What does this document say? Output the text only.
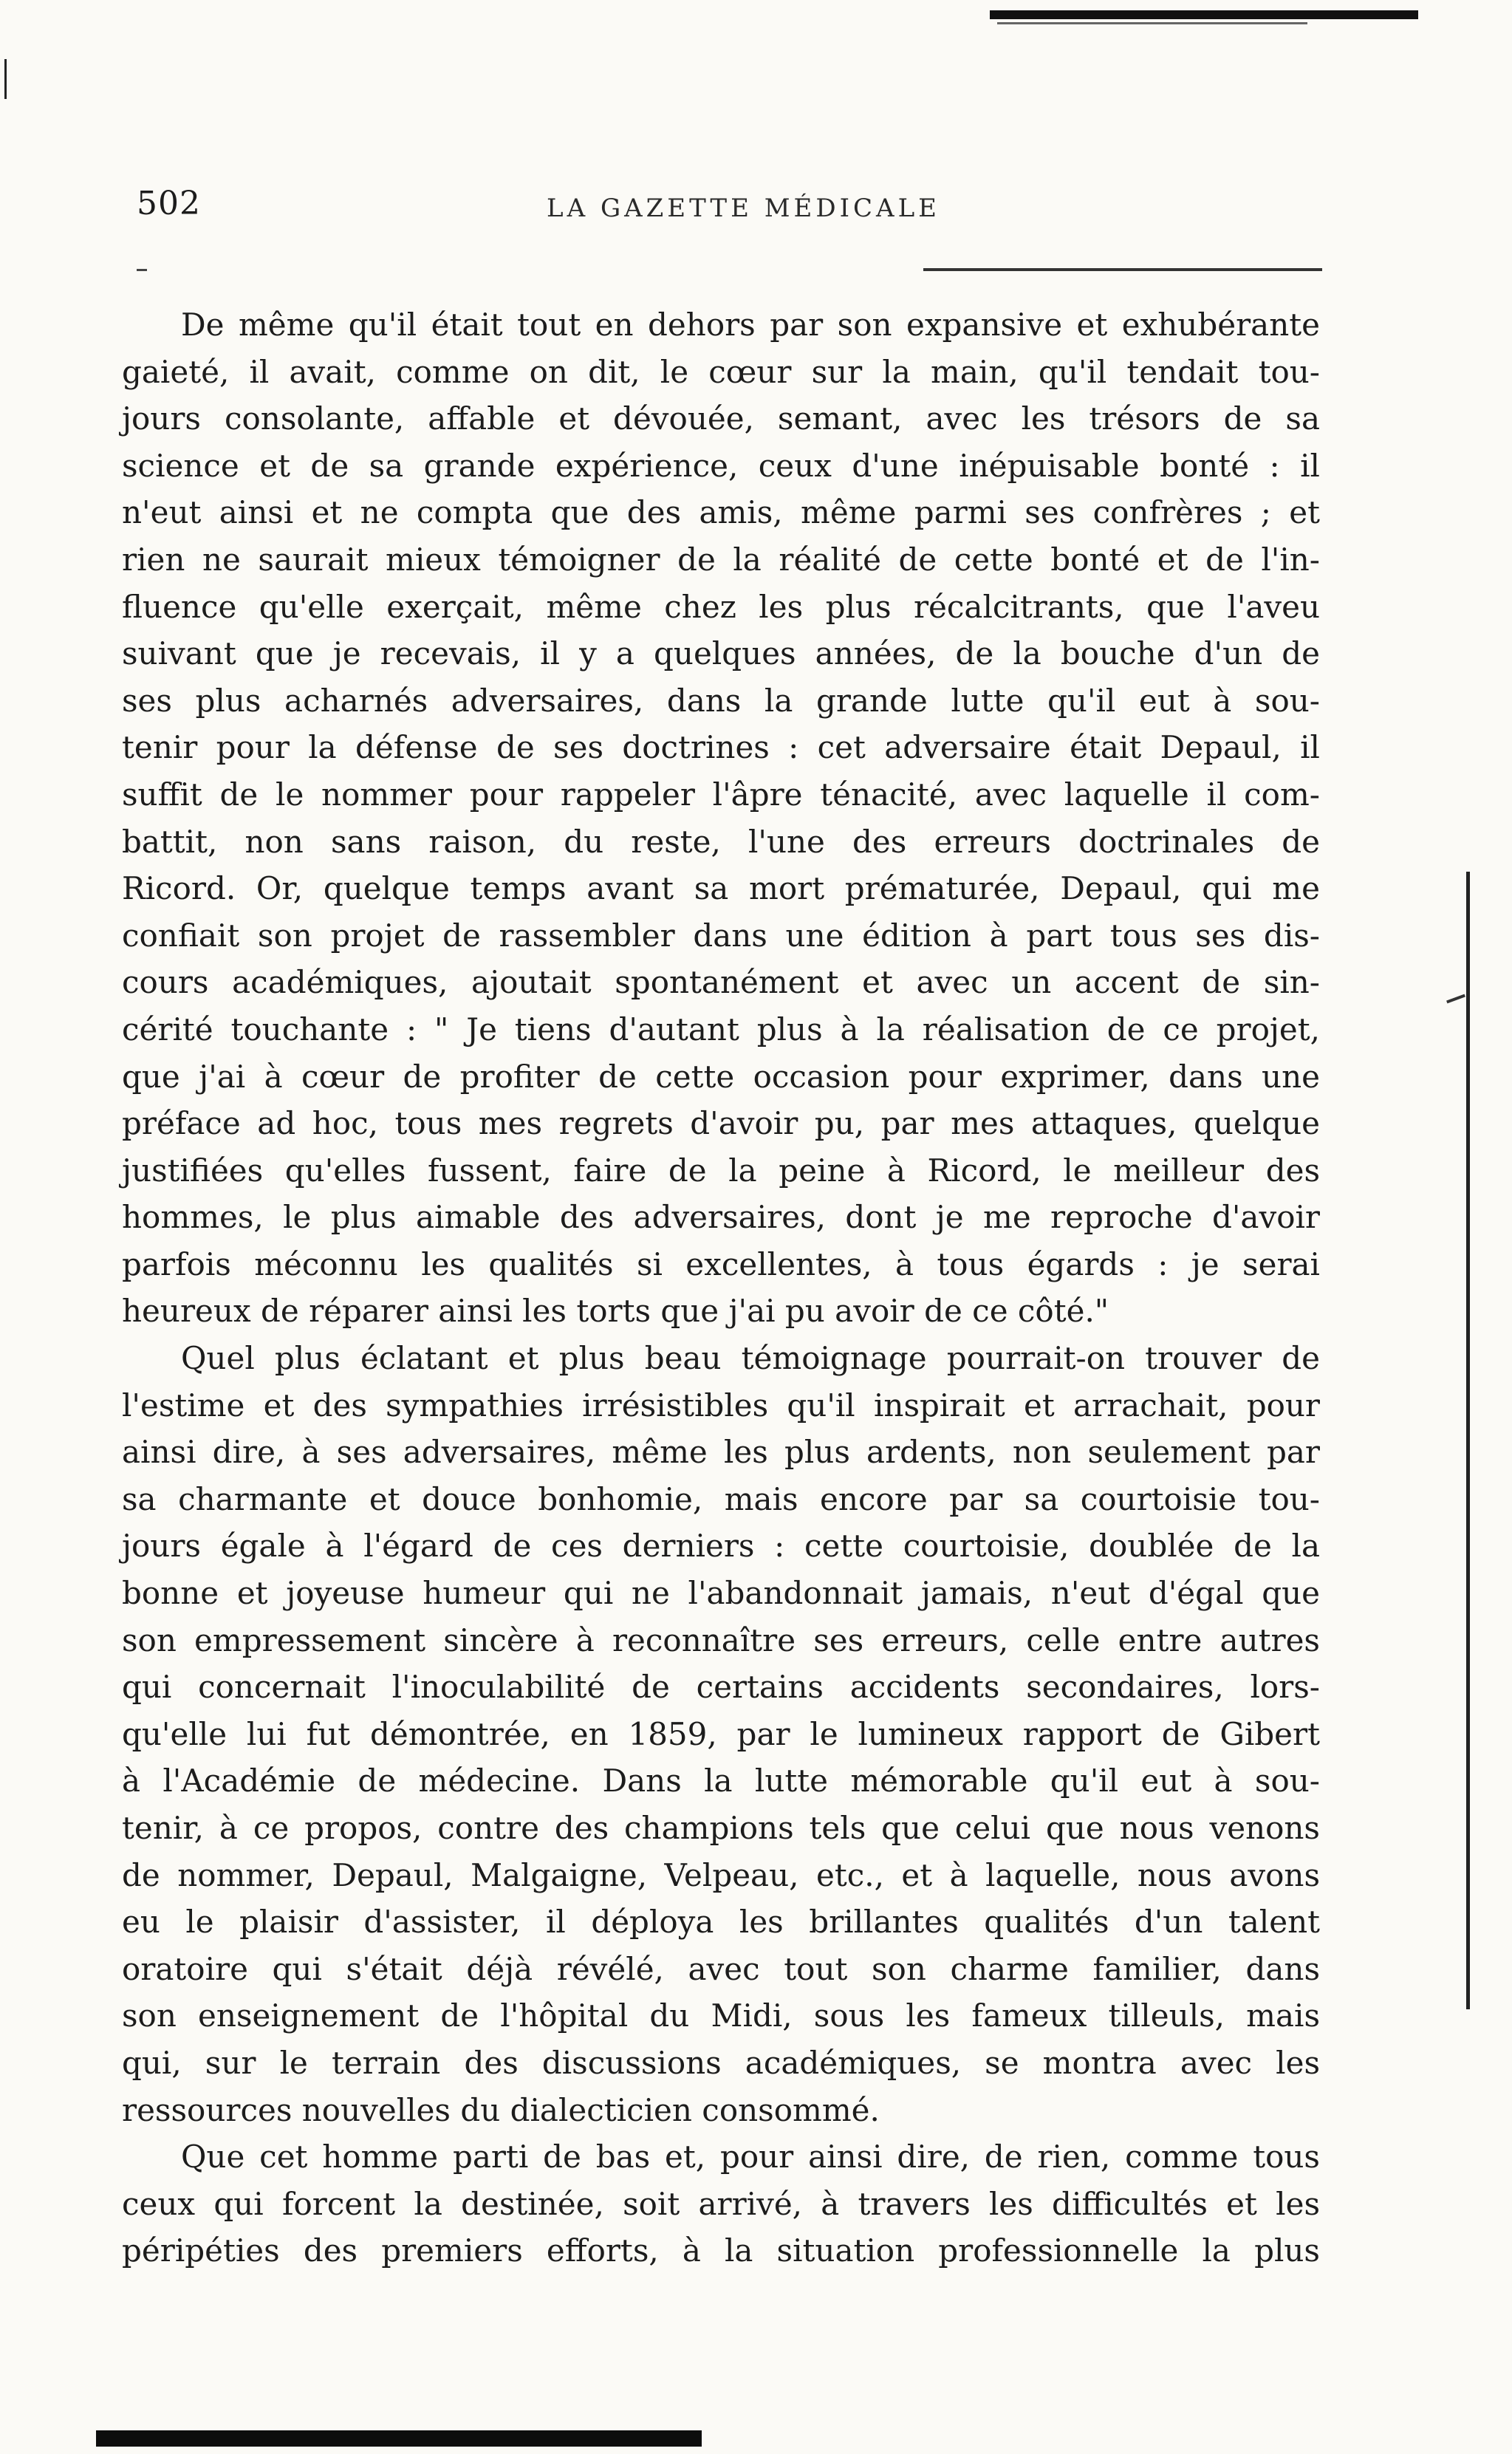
502	LA GAZETTE MÉDICALE
De même qu'il était tout en dehors par son expansive et exhubérante
gaieté, il avait, comme on dit, le cœur sur la main, qu'il tendait tou-
jours consolante, affable et dévouée, semant, avec les trésors de sa
science et de sa grande expérience, ceux d'une inépuisable bonté : il
n'eut ainsi et ne compta que des amis, même parmi ses confrères ; et
rien ne saurait mieux témoigner de la réalité de cette bonté et de l'in-
fluence qu'elle exerçait, même chez les plus récalcitrants, que l'aveu
suivant que je recevais, il y a quelques années, de la bouche d'un de
ses plus acharnés adversaires, dans la grande lutte qu'il eut à sou-
tenir pour la défense de ses doctrines : cet adversaire était Depaul, il
suffit de le nommer pour rappeler l'âpre ténacité, avec laquelle il com-
battit, non sans raison, du reste, l'une des erreurs doctrinales de
Ricord. Or, quelque temps avant sa mort prématurée, Depaul, qui me
confiait son projet de rassembler dans une édition à part tous ses dis-
cours académiques, ajoutait spontanément et avec un accent de sin-
cérité touchante : " Je tiens d'autant plus à la réalisation de ce projet,
que j'ai à cœur de profiter de cette occasion pour exprimer, dans une
préface ad hoc, tous mes regrets d'avoir pu, par mes attaques, quelque
justifiées qu'elles fussent, faire de la peine à Ricord, le meilleur des
hommes, le plus aimable des adversaires, dont je me reproche d'avoir
parfois méconnu les qualités si excellentes, à tous égards : je serai
heureux de réparer ainsi les torts que j'ai pu avoir de ce côté."
Quel plus éclatant et plus beau témoignage pourrait-on trouver de
l'estime et des sympathies irrésistibles qu'il inspirait et arrachait, pour
ainsi dire, à ses adversaires, même les plus ardents, non seulement par
sa charmante et douce bonhomie, mais encore par sa courtoisie tou-
jours égale à l'égard de ces derniers : cette courtoisie, doublée de la
bonne et joyeuse humeur qui ne l'abandonnait jamais, n'eut d'égal que
son empressement sincère à reconnaître ses erreurs, celle entre autres
qui concernait l'inoculabilité de certains accidents secondaires, lors-
qu'elle lui fut démontrée, en 1859, par le lumineux rapport de Gibert
à l'Académie de médecine. Dans la lutte mémorable qu'il eut à sou-
tenir, à ce propos, contre des champions tels que celui que nous venons
de nommer, Depaul, Malgaigne, Velpeau, etc., et à laquelle, nous avons
eu le plaisir d'assister, il déploya les brillantes qualités d'un talent
oratoire qui s'était déjà révélé, avec tout son charme familier, dans
son enseignement de l'hôpital du Midi, sous les fameux tilleuls, mais
qui, sur le terrain des discussions académiques, se montra avec les
ressources nouvelles du dialecticien consommé.
Que cet homme parti de bas et, pour ainsi dire, de rien, comme tous
ceux qui forcent la destinée, soit arrivé, à travers les difficultés et les
péripéties des premiers efforts, à la situation professionnelle la plus
